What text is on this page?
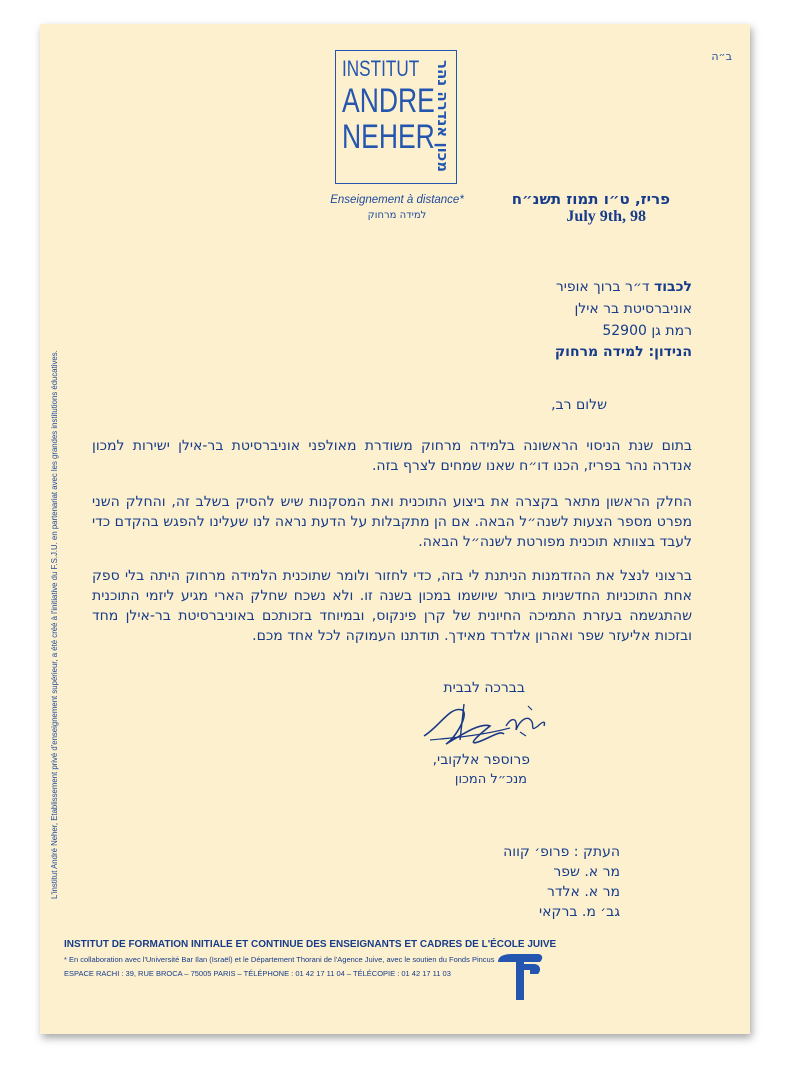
ב״ה
INSTITUT
ANDRE
NEHER מכון אנדרה נהר
Enseignement à distance*
למידה מרחוק
פריז, ט״ו תמוז תשנ״ח
July 9th, 98
L'institut André Neher, Etablissement privé d'enseignement supérieur, a été créé à l'initiative du F.S.J.U. en partenariat avec les grandes institutions éducatives.
לכבוד ד״ר ברוך אופיר
אוניברסיטת בר אילן
רמת גן 52900
הנידון: למידה מרחוק
שלום רב,
בתום שנת הניסוי הראשונה בלמידה מרחוק משודרת מאולפני אוניברסיטת בר-אילן ישירות למכון אנדרה נהר בפריז, הכנו דו״ח שאנו שמחים לצרף בזה.
החלק הראשון מתאר בקצרה את ביצוע התוכנית ואת המסקנות שיש להסיק בשלב זה, והחלק השני מפרט מספר הצעות לשנה״ל הבאה. אם הן מתקבלות על הדעת נראה לנו שעלינו להפגש בהקדם כדי לעבד בצוותא תוכנית מפורטת לשנה״ל הבאה.
ברצוני לנצל את ההזדמנות הניתנת לי בזה, כדי לחזור ולומר שתוכנית הלמידה מרחוק היתה בלי ספק אחת התוכניות החדשניות ביותר שיושמו במכון בשנה זו. ולא נשכח שחלק הארי מגיע ליזמי התוכנית שהתגשמה בעזרת התמיכה החיונית של קרן פינקוס, ובמיוחד בזכותכם באוניברסיטת בר-אילן מחד ובזכות אליעזר שפר ואהרון אלדרד מאידך. תודתנו העמוקה לכל אחד מכם.
בברכה לבבית
פרוספר אלקובי,
מנכ״ל המכון
העתק : פרופ׳ קווה
מר א. שפר
מר א. אלדר
גב׳ מ. ברקאי
INSTITUT DE FORMATION INITIALE ET CONTINUE DES ENSEIGNANTS ET CADRES DE L'ÉCOLE JUIVE
* En collaboration avec l'Université Bar Ilan (Israël) et le Département Thorani de l'Agence Juive, avec le soutien du Fonds Pincus
ESPACE RACHI : 39, RUE BROCA – 75005 PARIS – TÉLÉPHONE : 01 42 17 11 04 – TÉLÉCOPIE : 01 42 17 11 03
